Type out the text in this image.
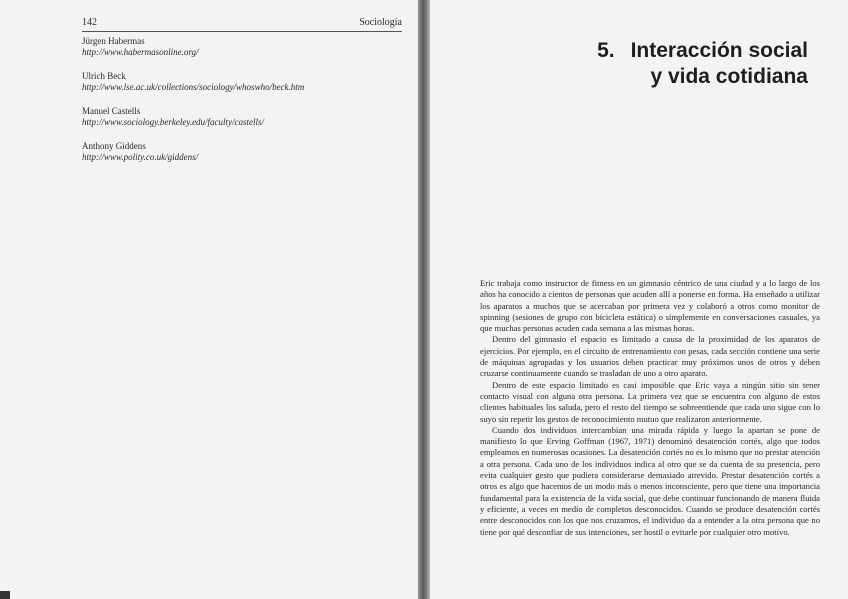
142	Sociología
Jürgen Habermas
http://www.habermasonline.org/
Ulrich Beck
http://www.lse.ac.uk/collections/sociology/whoswho/beck.htm
Manuel Castells
http://www.sociology.berkeley.edu/faculty/castells/
Anthony Giddens
http://www.polity.co.uk/giddens/
5. Interacción social
y vida cotidiana

Eric trabaja como instructor de fitness en un gimnasio céntrico de una ciudad y a lo largo de los años ha conocido a cientos de personas que acuden allí a ponerse en forma. Ha enseñado a utilizar los aparatos a muchos que se acercaban por primera vez y colaboró a otros como monitor de spinning (sesiones de grupo con bicicleta estática) o simplemente en conversaciones casuales, ya que muchas personas acuden cada semana a las mismas horas.

Dentro del gimnasio el espacio es limitado a causa de la proximidad de los aparatos de ejercicios. Por ejemplo, en el circuito de entrenamiento con pesas, cada sección contiene una serie de máquinas agrupadas y los usuarios deben practicar muy próximos unos de otros y deben cruzarse continuamente cuando se trasladan de uno a otro aparato.

Dentro de este espacio limitado es casi imposible que Eric vaya a ningún sitio sin tener contacto visual con alguna otra persona. La primera vez que se encuentra con alguno de estos clientes habituales los saluda, pero el resto del tiempo se sobreentiende que cada uno sigue con lo suyo sin repetir los gestos de reconocimiento mutuo que realizaron anteriormente.

Cuando dos individuos intercambian una mirada rápida y luego la apartan se pone de manifiesto lo que Erving Goffman (1967, 1971) denominó desatención cortés, algo que todos empleamos en numerosas ocasiones. La desatención cortés no es lo mismo que no prestar atención a otra persona. Cada uno de los individuos indica al otro que se da cuenta de su presencia, pero evita cualquier gesto que pudiera considerarse demasiado atrevido. Prestar desatención cortés a otros es algo que hacemos de un modo más o menos inconsciente, pero que tiene una importancia fundamental para la existencia de la vida social, que debe continuar funcionando de manera fluida y eficiente, a veces en medio de completos desconocidos. Cuando se produce desatención cortés entre desconocidos con los que nos cruzamos, el individuo da a entender a la otra persona que no tiene por qué desconfiar de sus intenciones, ser hostil o evitarle por cualquier otro motivo.
